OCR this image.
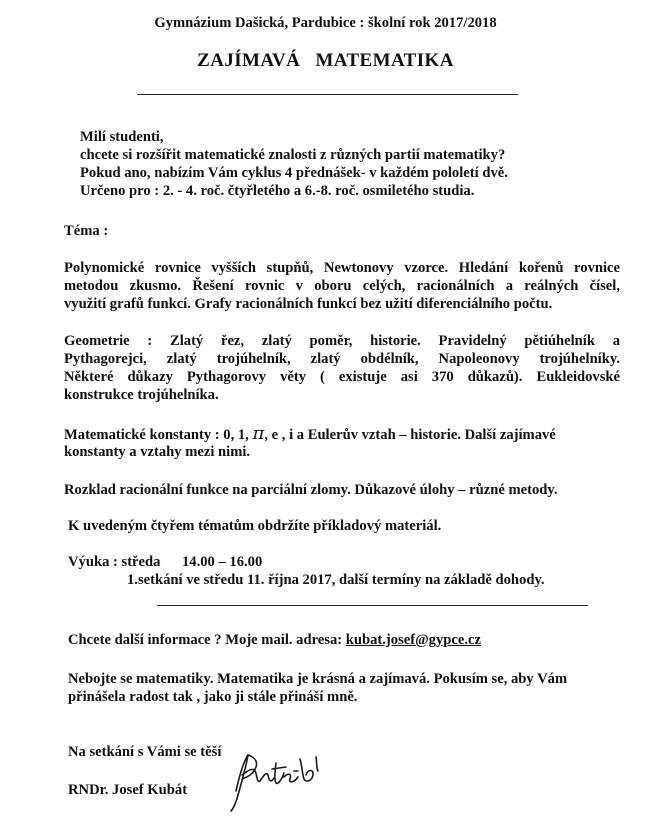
Gymnázium Dašická, Pardubice : školní rok 2017/2018
ZAJÍMAVÁ MATEMATIKA
Milí studenti,
chcete si rozšířit matematické znalosti z různých partií matematiky?
Pokud ano, nabízím Vám cyklus 4 přednášek- v každém pololetí dvě.
Určeno pro : 2. - 4. roč. čtyřletého a 6.-8. roč. osmiletého studia.
Téma :
Polynomické rovnice vyšších stupňů, Newtonovy vzorce. Hledání kořenů rovnice
metodou zkusmo. Řešení rovnic v oboru celých, racionálních a reálných čísel,
využití grafů funkcí. Grafy racionálních funkcí bez užití diferenciálního počtu.
Geometrie : Zlatý řez, zlatý poměr, historie. Pravidelný pětiúhelník a
Pythagorejci, zlatý trojúhelník, zlatý obdélník, Napoleonovy trojúhelníky.
Některé důkazy Pythagorovy věty ( existuje asi 370 důkazů). Eukleidovské
konstrukce trojúhelníka.
Matematické konstanty : 0, 1, π, e , i a Eulerův vztah – historie. Další zajímavé
konstanty a vztahy mezi nimi.
Rozklad racionální funkce na parciální zlomy. Důkazové úlohy – různé metody.
K uvedeným čtyřem tématům obdržíte příkladový materiál.
Výuka : středa 14.00 – 16.00
1.setkání ve středu 11. října 2017, další termíny na základě dohody.
Chcete další informace ? Moje mail. adresa: kubat.josef@gypce.cz
Nebojte se matematiky. Matematika je krásná a zajímavá. Pokusím se, aby Vám
přinášela radost tak , jako ji stále přináší mně.
Na setkání s Vámi se těší
RNDr. Josef Kubát
